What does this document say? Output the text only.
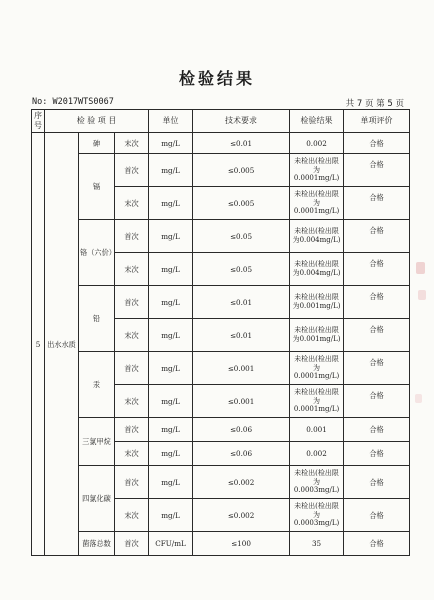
检验结果
No: W2017WTS0067	共 7 页 第 5 页
序号	检 验 项 目			单位	技术要求	检验结果	单项评价
5	出水水质	砷	末次	mg/L	≤0.01	0.002	合格
		镉	首次	mg/L	≤0.005	未检出(检出限为0.0001mg/L)	合格
			末次	mg/L	≤0.005	未检出(检出限为0.0001mg/L)	合格
		铬（六价）	首次	mg/L	≤0.05	未检出(检出限为0.004mg/L)	合格
			末次	mg/L	≤0.05	未检出(检出限为0.004mg/L)	合格
		铅	首次	mg/L	≤0.01	未检出(检出限为0.001mg/L)	合格
			末次	mg/L	≤0.01	未检出(检出限为0.001mg/L)	合格
		汞	首次	mg/L	≤0.001	未检出(检出限为0.0001mg/L)	合格
			末次	mg/L	≤0.001	未检出(检出限为0.0001mg/L)	合格
		三氯甲烷	首次	mg/L	≤0.06	0.001	合格
			末次	mg/L	≤0.06	0.002	合格
		四氯化碳	首次	mg/L	≤0.002	未检出(检出限为0.0003mg/L)	合格
			末次	mg/L	≤0.002	未检出(检出限为0.0003mg/L)	合格
		菌落总数	首次	CFU/mL	≤100	35	合格
